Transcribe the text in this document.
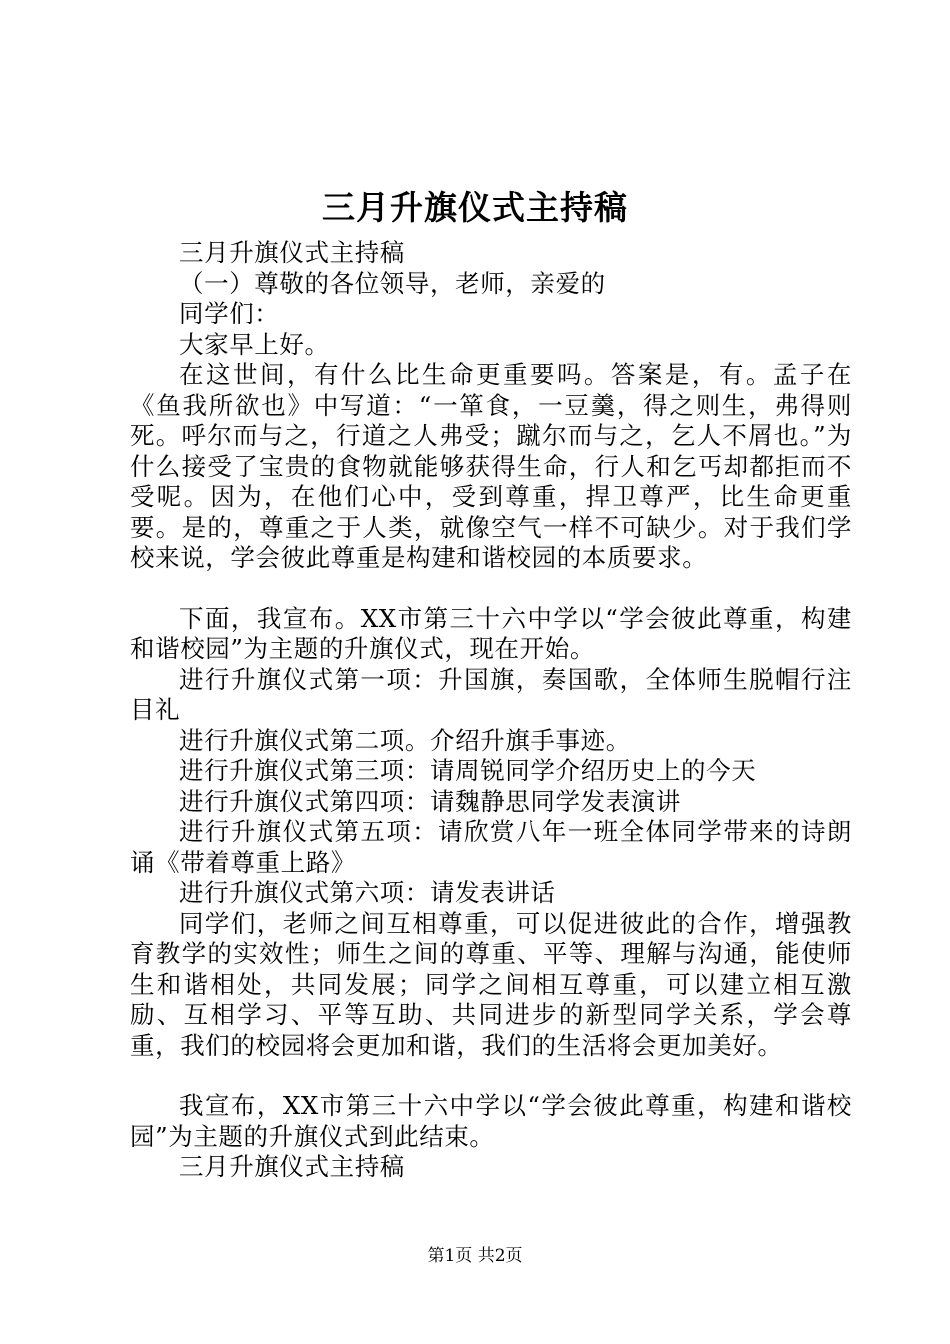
三月升旗仪式主持稿

三月升旗仪式主持稿

（一）尊敬的各位领导，老师，亲爱的

同学们：

大家早上好。

在这世间，有什么比生命更重要吗。答案是，有。孟子在《鱼我所欲也》中写道：“一箪食，一豆羹，得之则生，弗得则死。呼尔而与之，行道之人弗受；蹴尔而与之，乞人不屑也。”为什么接受了宝贵的食物就能够获得生命，行人和乞丐却都拒而不受呢。因为，在他们心中，受到尊重，捍卫尊严，比生命更重要。是的，尊重之于人类，就像空气一样不可缺少。对于我们学校来说，学会彼此尊重是构建和谐校园的本质要求。

下面，我宣布。XX市第三十六中学以“学会彼此尊重，构建和谐校园”为主题的升旗仪式，现在开始。

进行升旗仪式第一项：升国旗，奏国歌，全体师生脱帽行注目礼

进行升旗仪式第二项。介绍升旗手事迹。

进行升旗仪式第三项：请周锐同学介绍历史上的今天

进行升旗仪式第四项：请魏静思同学发表演讲

进行升旗仪式第五项：请欣赏八年一班全体同学带来的诗朗诵《带着尊重上路》

进行升旗仪式第六项：请发表讲话

同学们，老师之间互相尊重，可以促进彼此的合作，增强教育教学的实效性；师生之间的尊重、平等、理解与沟通，能使师生和谐相处，共同发展；同学之间相互尊重，可以建立相互激励、互相学习、平等互助、共同进步的新型同学关系，学会尊重，我们的校园将会更加和谐，我们的生活将会更加美好。

我宣布，XX市第三十六中学以“学会彼此尊重，构建和谐校园”为主题的升旗仪式到此结束。

三月升旗仪式主持稿

第1页 共2页
